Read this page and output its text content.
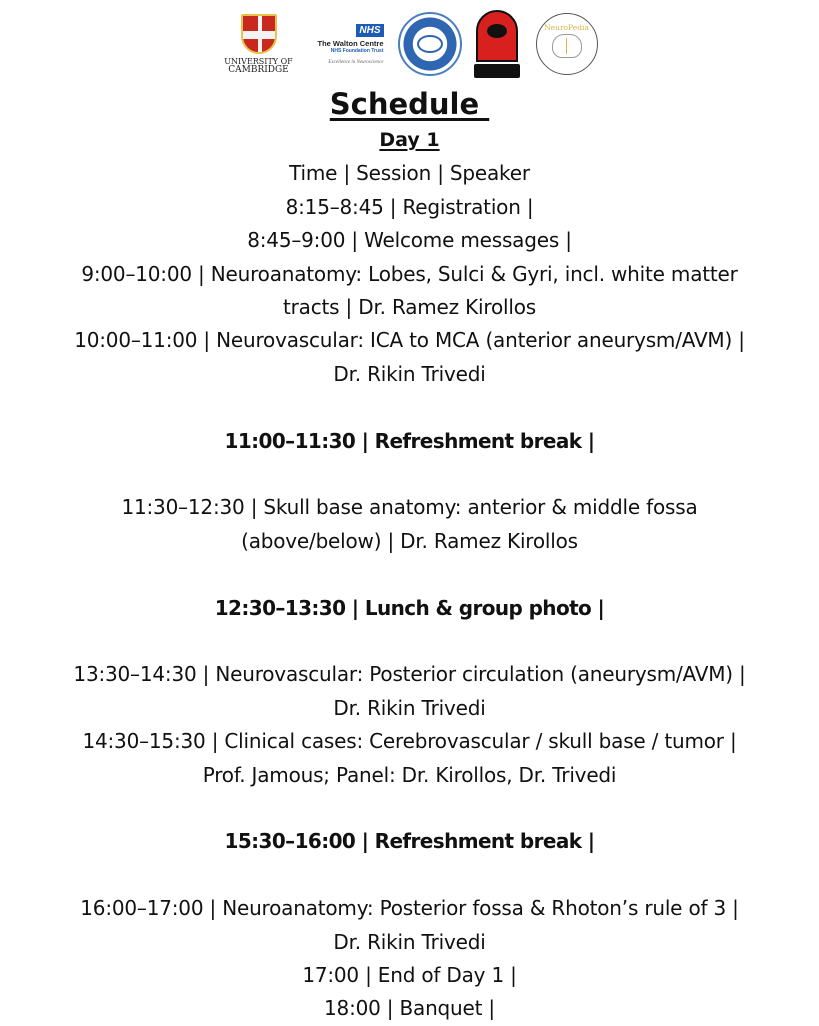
UNIVERSITY OF
CAMBRIDGE
NHS
The Walton Centre
NHS Foundation Trust
Excellence in Neuroscience
NeuroPedia
Schedule
Day 1
Time | Session | Speaker
8:15–8:45 | Registration |
8:45–9:00 | Welcome messages |
9:00–10:00 | Neuroanatomy: Lobes, Sulci & Gyri, incl. white matter
tracts | Dr. Ramez Kirollos
10:00–11:00 | Neurovascular: ICA to MCA (anterior aneurysm/AVM) |
Dr. Rikin Trivedi
11:00–11:30 | Refreshment break |
11:30–12:30 | Skull base anatomy: anterior & middle fossa
(above/below) | Dr. Ramez Kirollos
12:30–13:30 | Lunch & group photo |
13:30–14:30 | Neurovascular: Posterior circulation (aneurysm/AVM) |
Dr. Rikin Trivedi
14:30–15:30 | Clinical cases: Cerebrovascular / skull base / tumor |
Prof. Jamous; Panel: Dr. Kirollos, Dr. Trivedi
15:30–16:00 | Refreshment break |
16:00–17:00 | Neuroanatomy: Posterior fossa & Rhoton’s rule of 3 |
Dr. Rikin Trivedi
17:00 | End of Day 1 |
18:00 | Banquet |
